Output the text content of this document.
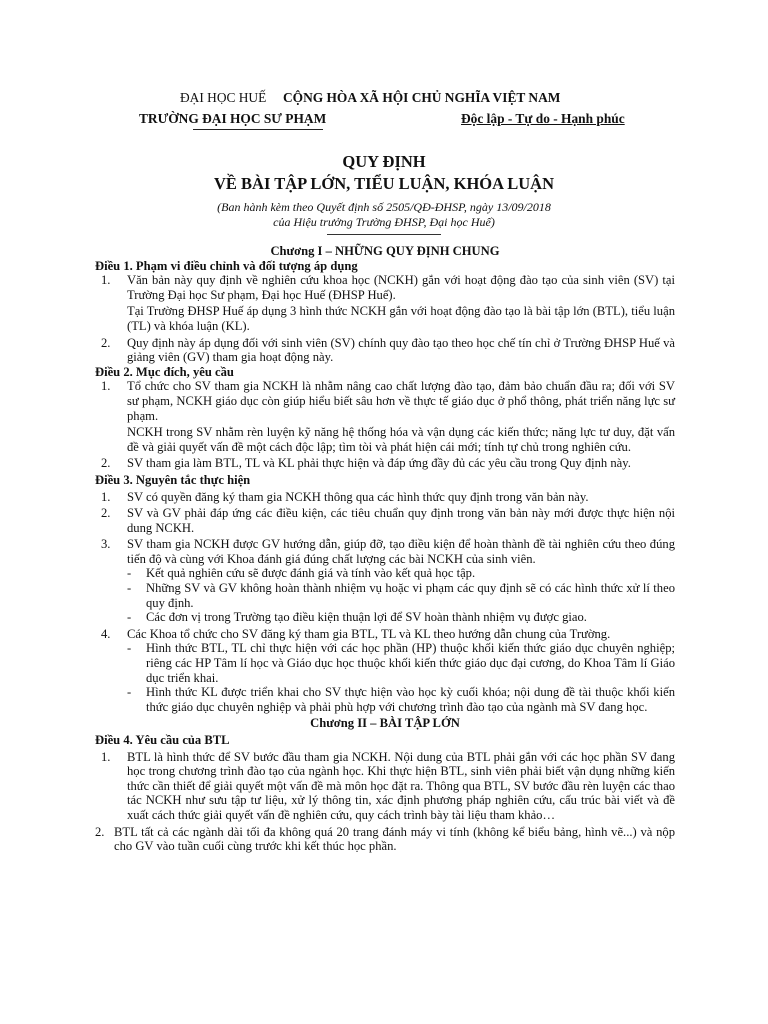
ĐẠI HỌC HUẾ CỘNG HÒA XÃ HỘI CHỦ NGHĨA VIỆT NAM
TRƯỜNG ĐẠI HỌC SƯ PHẠM	Độc lập - Tự do - Hạnh phúc
QUY ĐỊNH
VỀ BÀI TẬP LỚN, TIỂU LUẬN, KHÓA LUẬN
(Ban hành kèm theo Quyết định số 2505/QĐ-ĐHSP, ngày 13/09/2018
của Hiệu trưởng Trường ĐHSP, Đại học Huế)

Chương I – NHỮNG QUY ĐỊNH CHUNG

Điều 1. Phạm vi điều chỉnh và đối tượng áp dụng

1.	Văn bản này quy định về nghiên cứu khoa học (NCKH) gắn với hoạt động đào tạo của sinh viên (SV) tại Trường Đại học Sư phạm, Đại học Huế (ĐHSP Huế).

Tại Trường ĐHSP Huế áp dụng 3 hình thức NCKH gắn với hoạt động đào tạo là bài tập lớn (BTL), tiểu luận (TL) và khóa luận (KL).

2.	Quy định này áp dụng đối với sinh viên (SV) chính quy đào tạo theo học chế tín chỉ ở Trường ĐHSP Huế và giảng viên (GV) tham gia hoạt động này.

Điều 2. Mục đích, yêu cầu

1.	Tổ chức cho SV tham gia NCKH là nhằm nâng cao chất lượng đào tạo, đảm bảo chuẩn đầu ra; đối với SV sư phạm, NCKH giáo dục còn giúp hiểu biết sâu hơn về thực tế giáo dục ở phổ thông, phát triển năng lực sư phạm.

NCKH trong SV nhằm rèn luyện kỹ năng hệ thống hóa và vận dụng các kiến thức; năng lực tư duy, đặt vấn đề và giải quyết vấn đề một cách độc lập; tìm tòi và phát hiện cái mới; tính tự chủ trong nghiên cứu.

2.	SV tham gia làm BTL, TL và KL phải thực hiện và đáp ứng đầy đủ các yêu cầu trong Quy định này.

Điều 3. Nguyên tắc thực hiện

1.	SV có quyền đăng ký tham gia NCKH thông qua các hình thức quy định trong văn bản này.
2.	SV và GV phải đáp ứng các điều kiện, các tiêu chuẩn quy định trong văn bản này mới được thực hiện nội dung NCKH.
3.	SV tham gia NCKH được GV hướng dẫn, giúp đỡ, tạo điều kiện để hoàn thành đề tài nghiên cứu theo đúng tiến độ và cùng với Khoa đánh giá đúng chất lượng các bài NCKH của sinh viên.
-	Kết quả nghiên cứu sẽ được đánh giá và tính vào kết quả học tập.
-	Những SV và GV không hoàn thành nhiệm vụ hoặc vi phạm các quy định sẽ có các hình thức xử lí theo quy định.
-	Các đơn vị trong Trường tạo điều kiện thuận lợi để SV hoàn thành nhiệm vụ được giao.
4.	Các Khoa tổ chức cho SV đăng ký tham gia BTL, TL và KL theo hướng dẫn chung của Trường.
-	Hình thức BTL, TL chỉ thực hiện với các học phần (HP) thuộc khối kiến thức giáo dục chuyên nghiệp; riêng các HP Tâm lí học và Giáo dục học thuộc khối kiến thức giáo dục đại cương, do Khoa Tâm lí Giáo dục triển khai.
-	Hình thức KL được triển khai cho SV thực hiện vào học kỳ cuối khóa; nội dung đề tài thuộc khối kiến thức giáo dục chuyên nghiệp và phải phù hợp với chương trình đào tạo của ngành mà SV đang học.

Chương II – BÀI TẬP LỚN

Điều 4. Yêu cầu của BTL

1.	BTL là hình thức để SV bước đầu tham gia NCKH. Nội dung của BTL phải gắn với các học phần SV đang học trong chương trình đào tạo của ngành học. Khi thực hiện BTL, sinh viên phải biết vận dụng những kiến thức cần thiết để giải quyết một vấn đề mà môn học đặt ra. Thông qua BTL, SV bước đầu rèn luyện các thao tác NCKH như sưu tập tư liệu, xử lý thông tin, xác định phương pháp nghiên cứu, cấu trúc bài viết và đề xuất cách thức giải quyết vấn đề nghiên cứu, quy cách trình bày tài liệu tham khảo…
2. BTL tất cả các ngành dài tối đa không quá 20 trang đánh máy vi tính (không kể biểu bảng, hình vẽ...) và nộp cho GV vào tuần cuối cùng trước khi kết thúc học phần.
